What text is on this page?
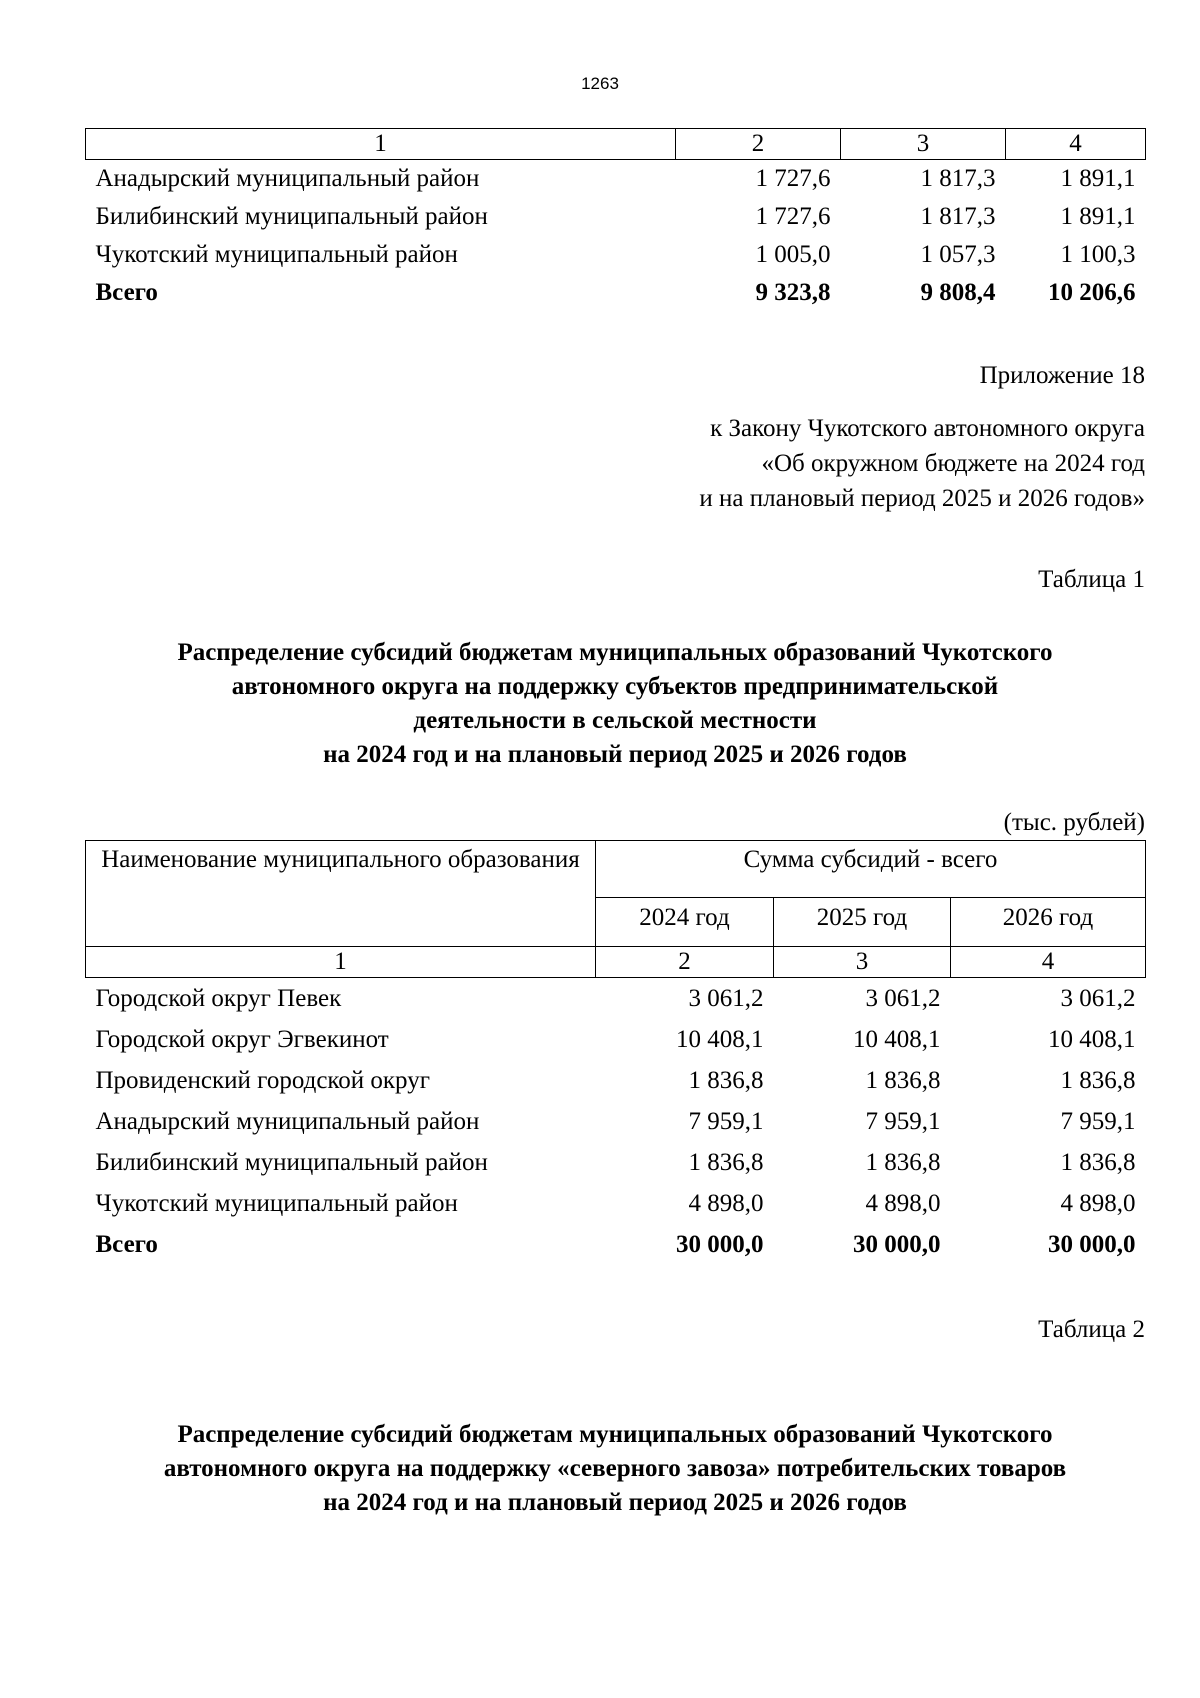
1263
1	2	3	4
Анадырский муниципальный район	1 727,6	1 817,3	1 891,1
Билибинский муниципальный район	1 727,6	1 817,3	1 891,1
Чукотский муниципальный район	1 005,0	1 057,3	1 100,3
Всего	9 323,8	9 808,4	10 206,6
Приложение 18
к Закону Чукотского автономного округа
«Об окружном бюджете на 2024 год
и на плановый период 2025 и 2026 годов»
Таблица 1
Распределение субсидий бюджетам муниципальных образований Чукотского
автономного округа на поддержку субъектов предпринимательской
деятельности в сельской местности
на 2024 год и на плановый период 2025 и 2026 годов
(тыс. рублей)
Наименование муниципального образования	Сумма субсидий - всего		
	2024 год	2025 год	2026 год
1	2	3	4
Городской округ Певек	3 061,2	3 061,2	3 061,2
Городской округ Эгвекинот	10 408,1	10 408,1	10 408,1
Провиденский городской округ	1 836,8	1 836,8	1 836,8
Анадырский муниципальный район	7 959,1	7 959,1	7 959,1
Билибинский муниципальный район	1 836,8	1 836,8	1 836,8
Чукотский муниципальный район	4 898,0	4 898,0	4 898,0
Всего	30 000,0	30 000,0	30 000,0
Таблица 2
Распределение субсидий бюджетам муниципальных образований Чукотского
автономного округа на поддержку «северного завоза» потребительских товаров
на 2024 год и на плановый период 2025 и 2026 годов
